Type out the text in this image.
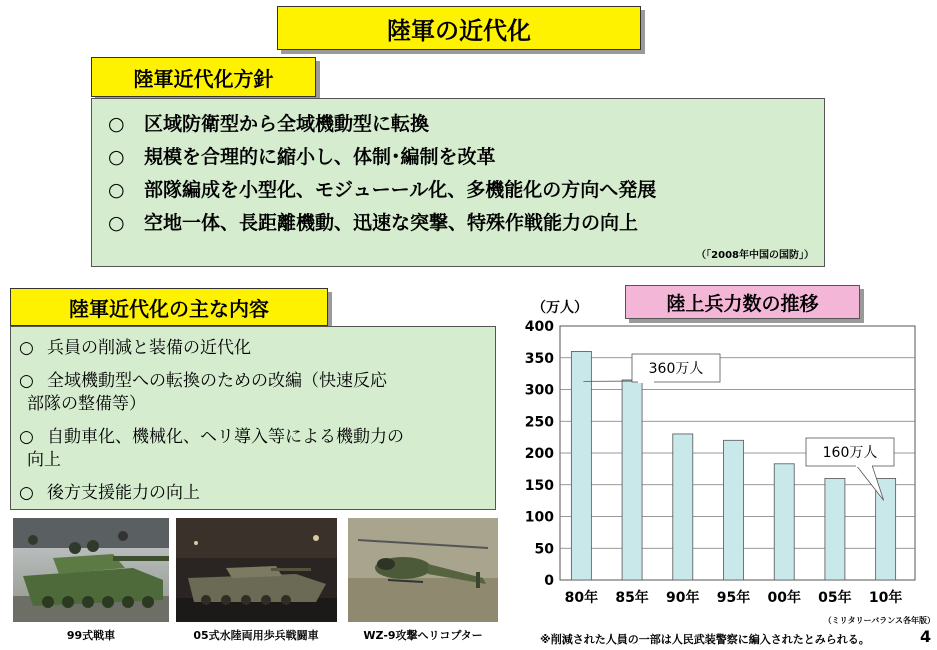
陸軍の近代化
陸軍近代化方針
○ 区域防衛型から全域機動型に転換
○ 規模を合理的に縮小し、体制･編制を改革
○ 部隊編成を小型化、モジューール化、多機能化の方向へ発展
○ 空地一体、長距離機動、迅速な突撃、特殊作戦能力の向上
（｢2008年中国の国防｣）
陸軍近代化の主な内容
○ 兵員の削減と装備の近代化
○ 全域機動型への転換のための改編（快速反応
部隊の整備等）
○ 自動車化、機械化、ヘリ導入等による機動力の
向上
○ 後方支援能力の向上
99式戦車	05式水陸両用歩兵戦闘車	WZ-9攻撃ヘリコプター
陸上兵力数の推移
0
50
100
150
200
250
300
350
400
80年 85年 90年 95年 00年 05年 10年
（万人）
360万人
160万人
（ミリタリーバランス各年版）
※削減された人員の一部は人民武装警察に編入されたとみられる。	4
